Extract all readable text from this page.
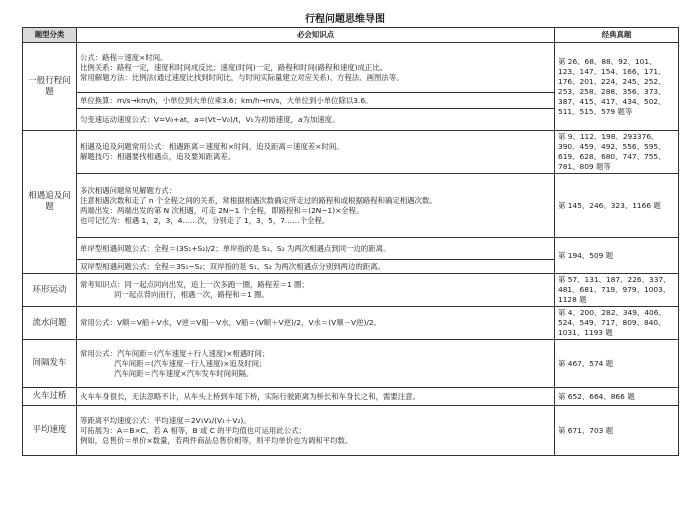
行程问题思维导图
题型分类	必会知识点	经典真题
一般行程问题	公式：路程＝速度×时间。
比例关系：路程一定，速度和时间成反比；速度(时间)一定，路程和时间(路程和速度)成正比。
常用解题方法：比例法(通过速度比找到时间比，与时间实际量建立对应关系)、方程法、画图法等。	第 26、68、88、92、101、123、147、154、166、171、176、201、224、245、252、253、258、288、356、373、387、415、417、434、502、511、515、579 题等

	单位换算：m/s→km/h，小单位到大单位乘3.6；km/h→m/s，大单位到小单位除以3.6。	

	匀变速运动速度公式：V=V₀+at，a=(Vt−V₀)/t，V₀为初始速度，a为加速度。	

相遇追及问题	相遇及追及问题常用公式：相遇距离＝速度和×时间，追及距离＝速度差×时间。
解题技巧：相遇要找相遇点，追及要知距离差。	第 9、112、198、293376、390、459、492、556、595、619、628、680、747、755、781、809 题等

	多次相遇问题常见解题方式：
注意相遇次数和走了 n 个全程之间的关系，常根据相遇次数确定所走过的路程和或根据路程和确定相遇次数。
两端出发：两端出发的第 N 次相遇，可走 2N−1 个全程，即路程和＝(2N−1)×全程。
也可记忆为：相遇 1，2，3，4……次，分别走了 1，3，5，7……个全程。	第 145、246、323、1166 题

	单岸型相遇问题公式：全程＝(3S₁+S₂)/2；单岸指的是 S₁、S₂ 为两次相遇点到同一边的距离。	第 194、509 题

	双岸型相遇问题公式：全程＝3S₁−S₂；双岸指的是 S₁、S₂ 为两次相遇点分别到两边的距离。	

环形运动	常考知识点：同一起点同向出发，追上一次多跑一圈，路程差＝1 圈；
同一起点背向而行，相遇一次，路程和＝1 圈。	第 57、131、187、226、337、481、681、719、979、1003、1128 题
流水问题	常用公式：V顺＝V船＋V水，V逆＝V船－V水，V船＝(V顺＋V逆)/2，V水＝(V顺－V逆)/2。	第 4、200、282、349、406、524、549、717、809、840、1031、1193 题
间隔发车	常用公式：汽车间距＝(汽车速度＋行人速度)×相遇时间；
汽车间距＝(汽车速度－行人速度)×追及时间；
汽车间距＝汽车速度×汽车发车时间间隔。	第 467、574 题
火车过桥	火车车身很长，无法忽略不计，从车头上桥到车尾下桥，实际行驶距离为桥长和车身长之和，需要注意。	第 652、664、866 题
平均速度	等距离平均速度公式：平均速度＝2V₁V₂/(V₁＋V₂)。
可拓展为：A＝B×C，若 A 相等，B 或 C 的平均值也可运用此公式；
例如，总售价＝单价×数量，若两件商品总售价相等，则平均单价也为调和平均数。	第 671、703 题
